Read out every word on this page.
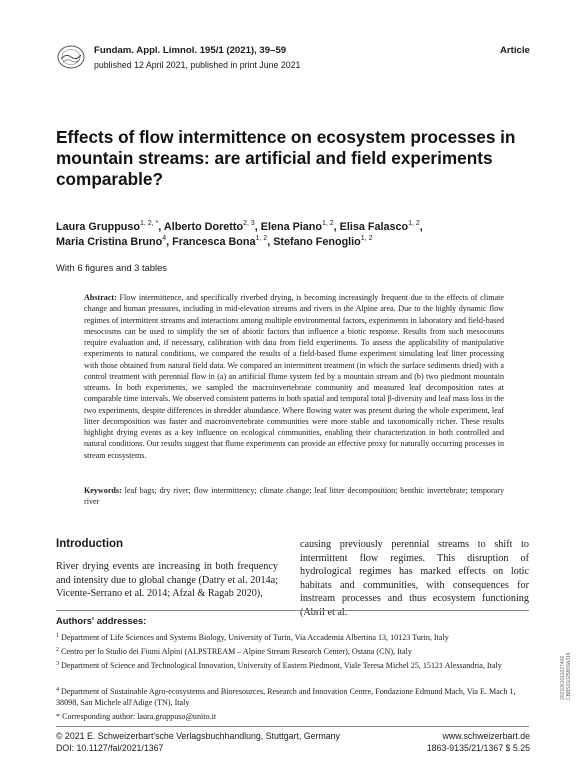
Fundam. Appl. Limnol. 195/1 (2021), 39–59	Article
published 12 April 2021, published in print June 2021
Effects of flow intermittence on ecosystem processes in mountain streams: are artificial and field experiments comparable?
Laura Gruppuso$^{1, 2, *}$, Alberto Doretto$^{2, 3}$, Elena Piano$^{1, 2}$, Elisa Falasco$^{1, 2}$,
Maria Cristina Bruno$^4$, Francesca Bona$^{1, 2}$, Stefano Fenoglio$^{1, 2}$
With 6 figures and 3 tables
Abstract: Flow intermittence, and specifically riverbed drying, is becoming increasingly frequent due to the effects of climate change and human pressures, including in mid-elevation streams and rivers in the Alpine area. Due to the highly dynamic flow regimes of intermittent streams and interactions among multiple environmental factors, experiments in laboratory and field-based mesocosms can be used to simplify the set of abiotic factors that influence a biotic response. Results from such mesocosms require evaluation and, if necessary, calibration with data from field experiments. To assess the applicability of manipulative experiments to natural conditions, we compared the results of a field-based flume experiment simulating leaf litter processing with those obtained from natural field data. We compared an intermittent treatment (in which the surface sediments dried) with a control treatment with perennial flow in (a) an artificial flume system fed by a mountain stream and (b) two piedmont mountain streams. In both experiments, we sampled the macroinvertebrate community and measured leaf decomposition rates at comparable time intervals. We observed consistent patterns in both spatial and temporal total β-diversity and leaf mass loss in the two experiments, despite differences in shredder abundance. Where flowing water was present during the whole experiment, leaf litter decomposition was faster and macroinvertebrate communities were more stable and taxonomically richer. These results highlight drying events as a key influence on ecological communities, enabling their characterization in both controlled and natural conditions. Our results suggest that flume experiments can provide an effective proxy for naturally occurring processes in stream ecosystems.
Keywords: leaf bags; dry river; flow intermittency; climate change; leaf litter decomposition; benthic invertebrate; temporary river
Introduction
River drying events are increasing in both frequency and intensity due to global change (Datry et al. 2014a; Vicente-Serrano et al. 2014; Afzal & Ragab 2020),
causing previously perennial streams to shift to intermittent flow regimes. This disruption of hydrological regimes has marked effects on lotic habitats and communities, with consequences for instream processes and thus ecosystem functioning (Abril et al.
Authors' addresses:
$^1$ Department of Life Sciences and Systems Biology, University of Turin, Via Accademia Albertina 13, 10123 Turin, Italy
$^2$ Centro per lo Studio dei Fiumi Alpini (ALPSTREAM – Alpine Stream Research Center), Ostana (CN), Italy
$^3$ Department of Science and Technological Innovation, University of Eastern Piedmont, Viale Teresa Michel 25, 15121 Alessandria, Italy
$^4$ Department of Sustainable Agro-ecosystems and Bioresources, Research and Innovation Centre, Fondazione Edmund Mach, Via E. Mach 1, 38098, San Michele all'Adige (TN), Italy
* Corresponding author: laura.gruppuso@unito.it
© 2021 E. Schweizerbart'sche Verlagsbuchhandlung, Stuttgart, Germany
DOI: 10.1127/fal/2021/1367
www.schweizerbart.de
1863-9135/21/1367 $ 5.25
2021061011627406
CBBS31025869A316
